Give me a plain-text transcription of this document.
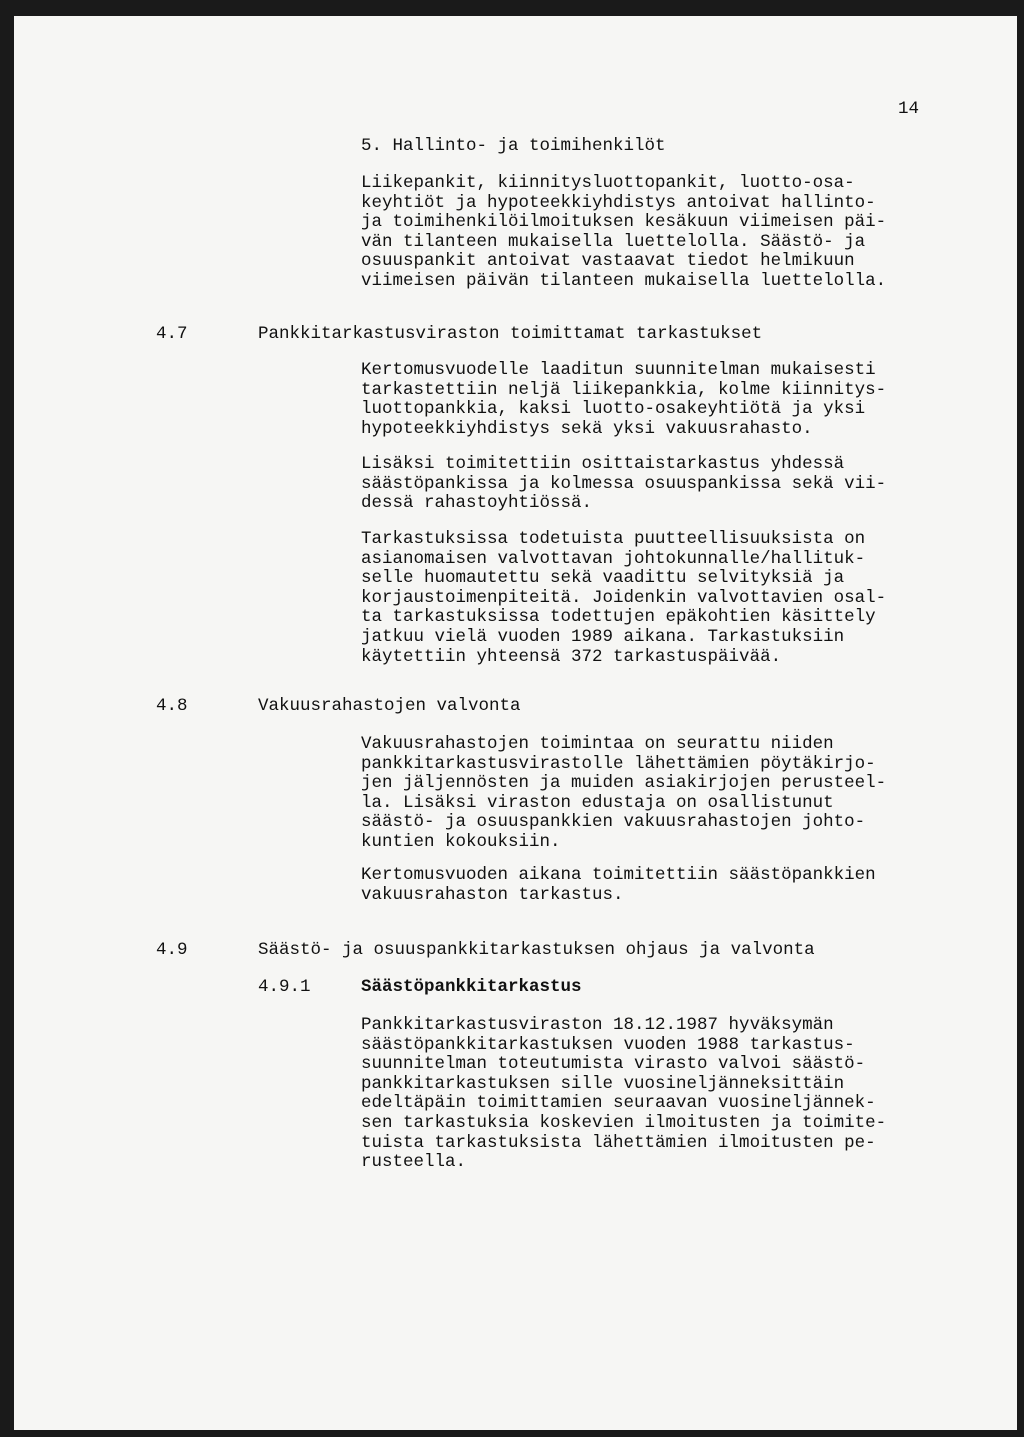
14
5. Hallinto- ja toimihenkilöt
Liikepankit, kiinnitysluottopankit, luotto-osa-
keyhtiöt ja hypoteekkiyhdistys antoivat hallinto-
ja toimihenkilöilmoituksen kesäkuun viimeisen päi-
vän tilanteen mukaisella luettelolla. Säästö- ja
osuuspankit antoivat vastaavat tiedot helmikuun
viimeisen päivän tilanteen mukaisella luettelolla.
4.7	Pankkitarkastusviraston toimittamat tarkastukset
Kertomusvuodelle laaditun suunnitelman mukaisesti
tarkastettiin neljä liikepankkia, kolme kiinnitys-
luottopankkia, kaksi luotto-osakeyhtiötä ja yksi
hypoteekkiyhdistys sekä yksi vakuusrahasto.
Lisäksi toimitettiin osittaistarkastus yhdessä
säästöpankissa ja kolmessa osuuspankissa sekä vii-
dessä rahastoyhtiössä.
Tarkastuksissa todetuista puutteellisuuksista on
asianomaisen valvottavan johtokunnalle/hallituk-
selle huomautettu sekä vaadittu selvityksiä ja
korjaustoimenpiteitä. Joidenkin valvottavien osal-
ta tarkastuksissa todettujen epäkohtien käsittely
jatkuu vielä vuoden 1989 aikana. Tarkastuksiin
käytettiin yhteensä 372 tarkastuspäivää.
4.8	Vakuusrahastojen valvonta
Vakuusrahastojen toimintaa on seurattu niiden
pankkitarkastusvirastolle lähettämien pöytäkirjo-
jen jäljennösten ja muiden asiakirjojen perusteel-
la. Lisäksi viraston edustaja on osallistunut
säästö- ja osuuspankkien vakuusrahastojen johto-
kuntien kokouksiin.
Kertomusvuoden aikana toimitettiin säästöpankkien
vakuusrahaston tarkastus.
4.9	Säästö- ja osuuspankkitarkastuksen ohjaus ja valvonta
4.9.1	Säästöpankkitarkastus
Pankkitarkastusviraston 18.12.1987 hyväksymän
säästöpankkitarkastuksen vuoden 1988 tarkastus-
suunnitelman toteutumista virasto valvoi säästö-
pankkitarkastuksen sille vuosineljänneksittäin
edeltäpäin toimittamien seuraavan vuosineljännek-
sen tarkastuksia koskevien ilmoitusten ja toimite-
tuista tarkastuksista lähettämien ilmoitusten pe-
rusteella.
